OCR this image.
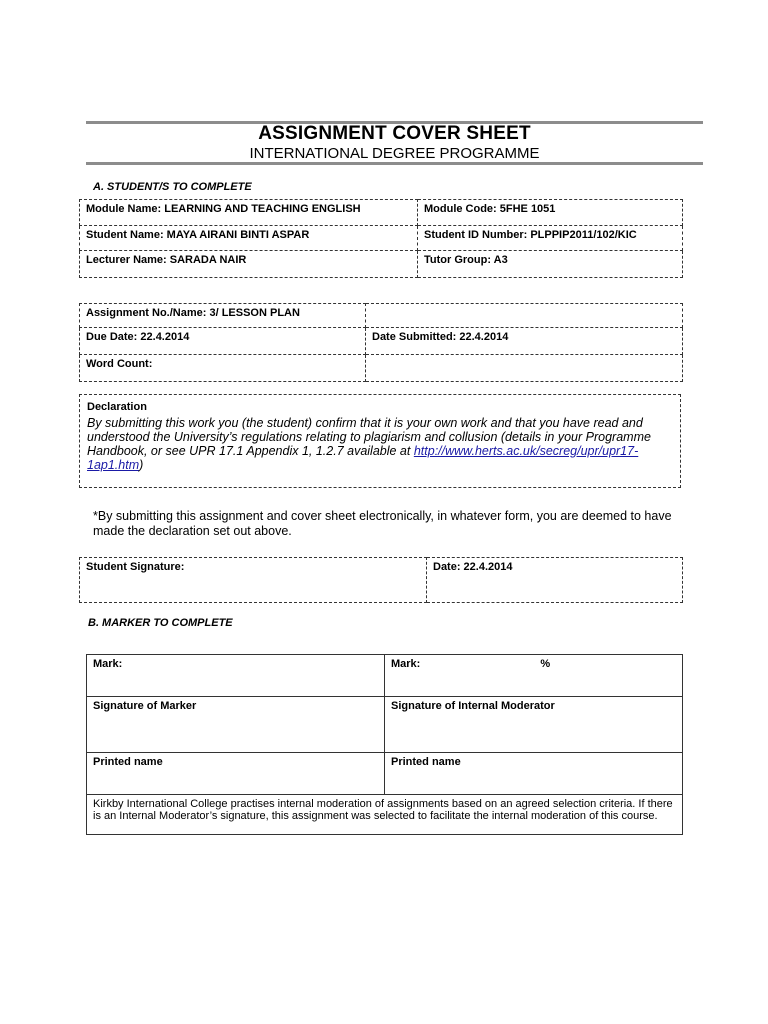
ASSIGNMENT COVER SHEET
INTERNATIONAL DEGREE PROGRAMME
A. STUDENT/S TO COMPLETE
Module Name: LEARNING AND TEACHING ENGLISH	Module Code: 5FHE 1051
Student Name: MAYA AIRANI BINTI ASPAR	Student ID Number: PLPPIP2011/102/KIC
Lecturer Name: SARADA NAIR	Tutor Group: A3
Assignment No./Name: 3/ LESSON PLAN	
Due Date: 22.4.2014	Date Submitted: 22.4.2014
Word Count:	
Declaration
By submitting this work you (the student) confirm that it is your own work and that you have read and understood the University’s regulations relating to plagiarism and collusion (details in your Programme Handbook, or see UPR 17.1 Appendix 1, 1.2.7 available at http://www.herts.ac.uk/secreg/upr/upr17-1ap1.htm)
*By submitting this assignment and cover sheet electronically, in whatever form, you are deemed to have made the declaration set out above.
Student Signature:	Date: 22.4.2014
B. MARKER TO COMPLETE
Mark:	Mark: %
Signature of Marker	Signature of Internal Moderator
Printed name	Printed name
Kirkby International College practises internal moderation of assignments based on an agreed selection criteria. If there is an Internal Moderator’s signature, this assignment was selected to facilitate the internal moderation of this course.	
